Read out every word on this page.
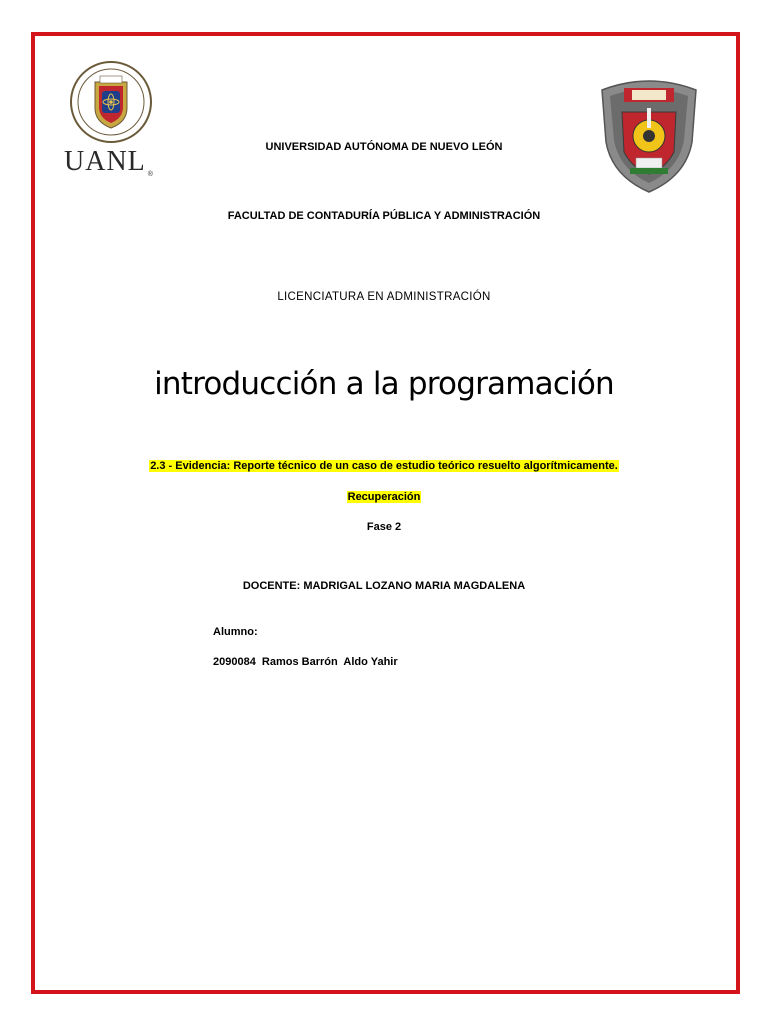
UANL ®
UNIVERSIDAD AUTÓNOMA DE NUEVO LEÓN
FACULTAD DE CONTADURÍA PÚBLICA Y ADMINISTRACIÓN
LICENCIATURA EN ADMINISTRACIÓN
introducción a la programación
2.3 - Evidencia: Reporte técnico de un caso de estudio teórico resuelto algorítmicamente.
Recuperación
Fase 2
DOCENTE: MADRIGAL LOZANO MARIA MAGDALENA
Alumno:
2090084  Ramos Barrón  Aldo Yahir
